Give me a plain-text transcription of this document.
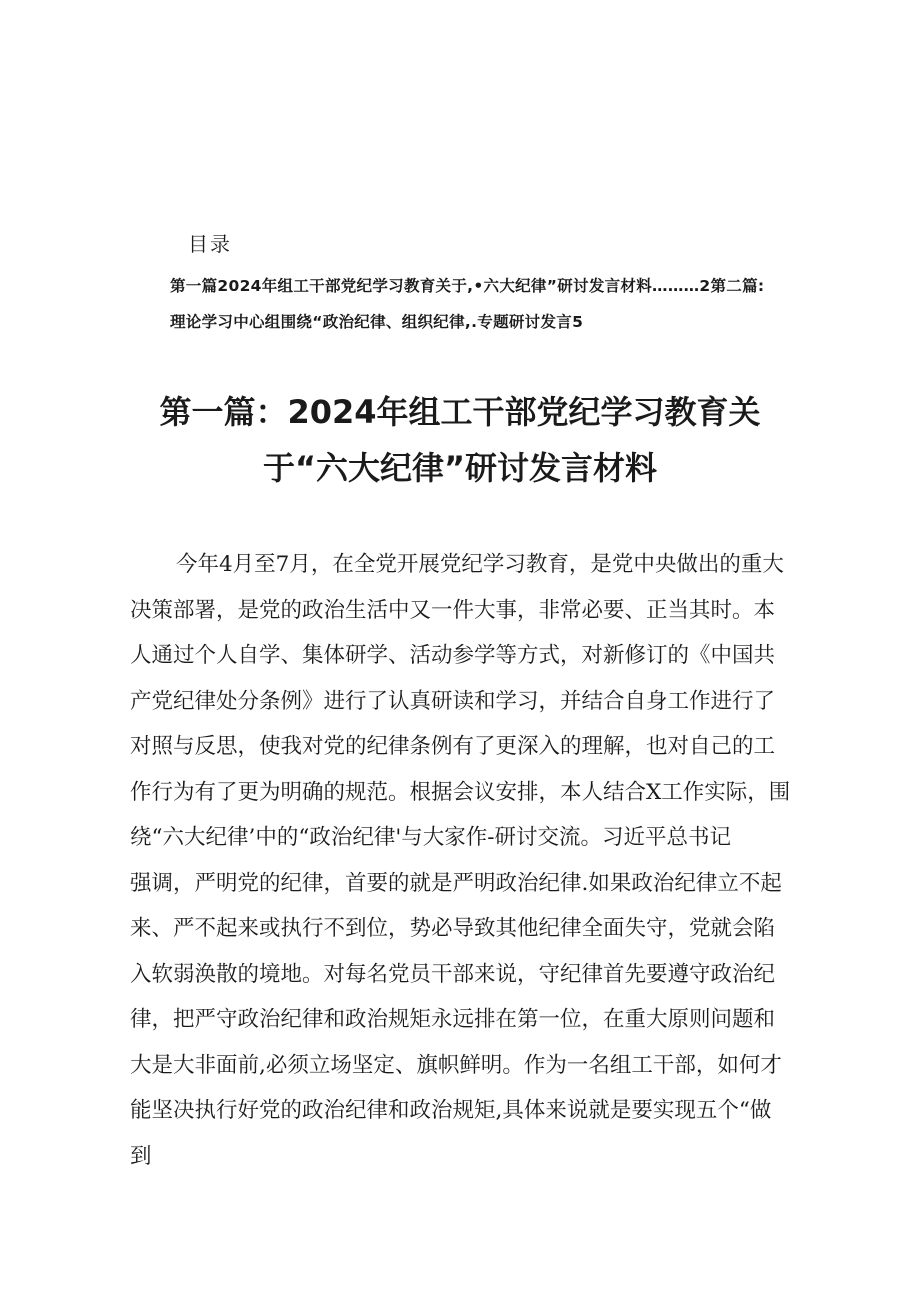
目录
第一篇2024年组工干部党纪学习教育关于,•六大纪律”研讨发言材料………2第二篇:
理论学习中心组围绕“政治纪律、组织纪律,.专题研讨发言5
第一篇：2024年组工干部党纪学习教育关
于“六大纪律”研讨发言材料
今年4月至7月，在全党开展党纪学习教育，是党中央做出的重大
决策部署，是党的政治生活中又一件大事，非常必要、正当其时。本
人通过个人自学、集体研学、活动参学等方式，对新修订的《中国共
产党纪律处分条例》进行了认真研读和学习，并结合自身工作进行了
对照与反思，使我对党的纪律条例有了更深入的理解，也对自己的工
作行为有了更为明确的规范。根据会议安排，本人结合X工作实际，围
绕“六大纪律’中的“政治纪律'与大家作-研讨交流。习近平总书记
强调，严明党的纪律，首要的就是严明政治纪律.如果政治纪律立不起
来、严不起来或执行不到位，势必导致其他纪律全面失守，党就会陷
入软弱涣散的境地。对每名党员干部来说，守纪律首先要遵守政治纪
律，把严守政治纪律和政治规矩永远排在第一位，在重大原则问题和
大是大非面前,必须立场坚定、旗帜鲜明。作为一名组工干部，如何才
能坚决执行好党的政治纪律和政治规矩,具体来说就是要实现五个“做
到
